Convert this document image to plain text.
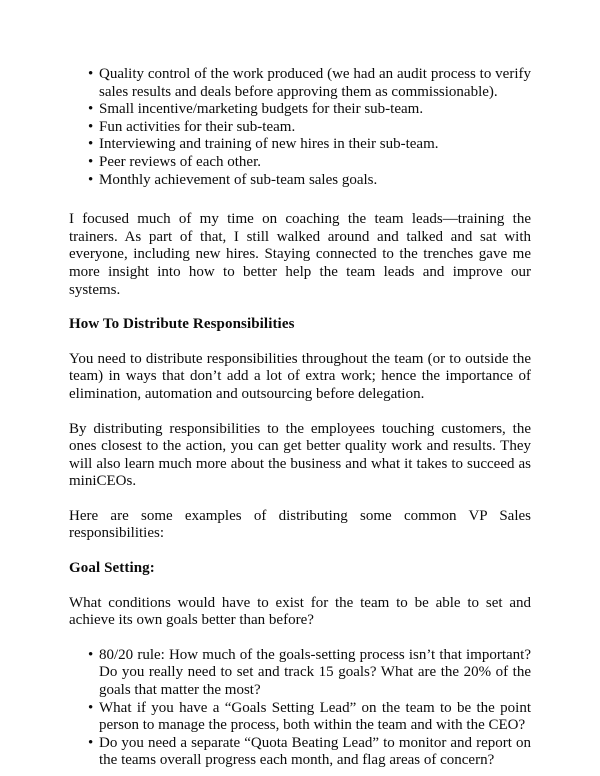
• Quality control of the work produced (we had an audit process to verify sales results and deals before approving them as commissionable).
• Small incentive/marketing budgets for their sub-team.
• Fun activities for their sub-team.
• Interviewing and training of new hires in their sub-team.
• Peer reviews of each other.
• Monthly achievement of sub-team sales goals.

I focused much of my time on coaching the team leads—training the trainers. As part of that, I still walked around and talked and sat with everyone, including new hires. Staying connected to the trenches gave me more insight into how to better help the team leads and improve our systems.

How To Distribute Responsibilities

You need to distribute responsibilities throughout the team (or to outside the team) in ways that don’t add a lot of extra work; hence the importance of elimination, automation and outsourcing before delegation.

By distributing responsibilities to the employees touching customers, the ones closest to the action, you can get better quality work and results. They will also learn much more about the business and what it takes to succeed as miniCEOs.

Here are some examples of distributing some common VP Sales responsibilities:

Goal Setting:

What conditions would have to exist for the team to be able to set and achieve its own goals better than before?

• 80/20 rule: How much of the goals-setting process isn’t that important? Do you really need to set and track 15 goals? What are the 20% of the goals that matter the most?
• What if you have a “Goals Setting Lead” on the team to be the point person to manage the process, both within the team and with the CEO?
• Do you need a separate “Quota Beating Lead” to monitor and report on the teams overall progress each month, and flag areas of concern?
